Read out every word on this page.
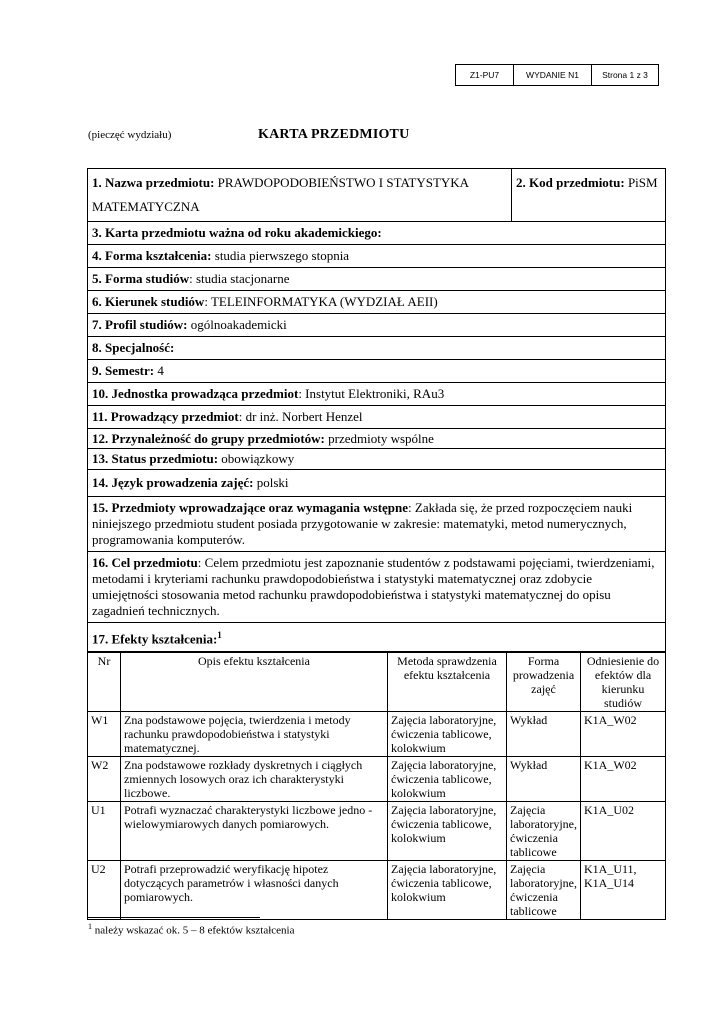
Z1-PU7	WYDANIE N1	Strona 1 z 3
(pieczęć wydziału)	KARTA PRZEDMIOTU
1. Nazwa przedmiotu: PRAWDOPODOBIEŃSTWO I STATYSTYKA MATEMATYCZNA
2. Kod przedmiotu: PiSM
3. Karta przedmiotu ważna od roku akademickiego:
4. Forma kształcenia: studia pierwszego stopnia
5. Forma studiów: studia stacjonarne
6. Kierunek studiów: TELEINFORMATYKA (WYDZIAŁ AEII)
7. Profil studiów: ogólnoakademicki
8. Specjalność:
9. Semestr: 4
10. Jednostka prowadząca przedmiot: Instytut Elektroniki, RAu3
11. Prowadzący przedmiot: dr inż. Norbert Henzel
12. Przynależność do grupy przedmiotów: przedmioty wspólne
13. Status przedmiotu: obowiązkowy
14. Język prowadzenia zajęć: polski
15. Przedmioty wprowadzające oraz wymagania wstępne: Zakłada się, że przed rozpoczęciem nauki niniejszego przedmiotu student posiada przygotowanie w zakresie: matematyki, metod numerycznych, programowania komputerów.
16. Cel przedmiotu: Celem przedmiotu jest zapoznanie studentów z podstawami pojęciami, twierdzeniami, metodami i kryteriami rachunku prawdopodobieństwa i statystyki matematycznej oraz zdobycie umiejętności stosowania metod rachunku prawdopodobieństwa i statystyki matematycznej do opisu zagadnień technicznych.
17. Efekty kształcenia:$^1$
Nr	Opis efektu kształcenia	Metoda sprawdzenia efektu kształcenia	Forma prowadzenia zajęć	Odniesienie do efektów dla kierunku studiów
W1	Zna podstawowe pojęcia, twierdzenia i metody rachunku prawdopodobieństwa i statystyki matematycznej.	Zajęcia laboratoryjne, ćwiczenia tablicowe, kolokwium	Wykład	K1A_W02
W2	Zna podstawowe rozkłady dyskretnych i ciągłych zmiennych losowych oraz ich charakterystyki liczbowe.	Zajęcia laboratoryjne, ćwiczenia tablicowe, kolokwium	Wykład	K1A_W02
U1	Potrafi wyznaczać charakterystyki liczbowe jedno - wielowymiarowych danych pomiarowych.	Zajęcia laboratoryjne, ćwiczenia tablicowe, kolokwium	Zajęcia laboratoryjne, ćwiczenia tablicowe	K1A_U02
U2	Potrafi przeprowadzić weryfikację hipotez dotyczących parametrów i własności danych pomiarowych.	Zajęcia laboratoryjne, ćwiczenia tablicowe, kolokwium	Zajęcia laboratoryjne, ćwiczenia tablicowe	K1A_U11, K1A_U14
$^1$ należy wskazać ok. 5 – 8 efektów kształcenia
